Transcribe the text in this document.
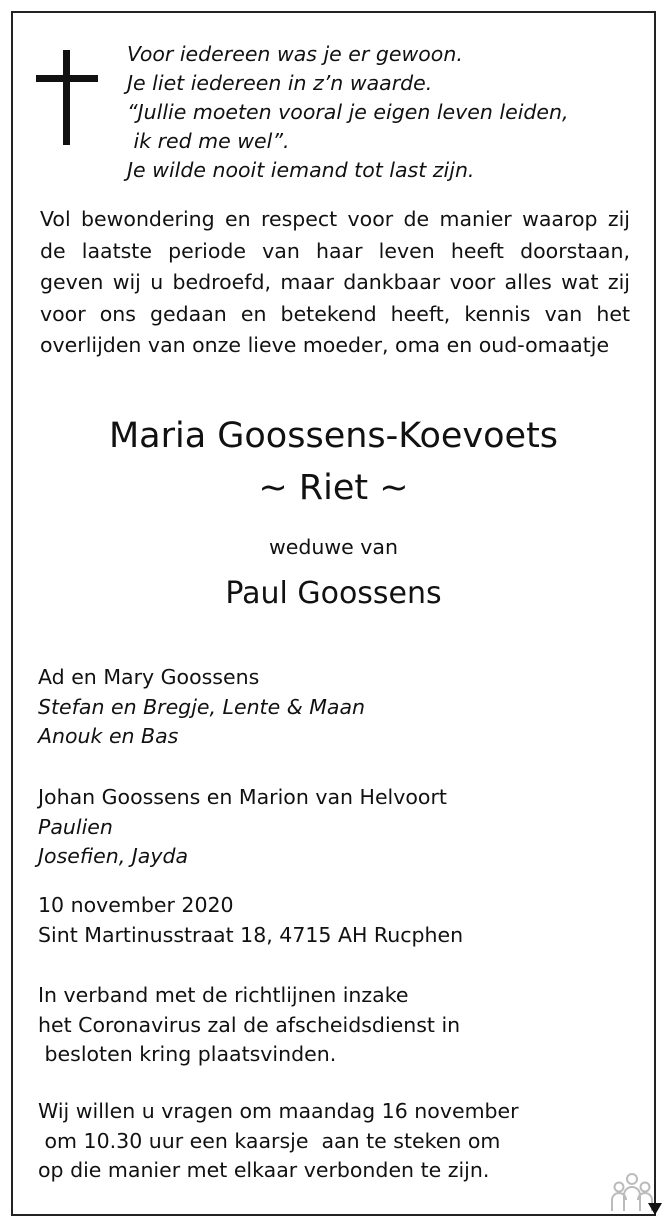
Voor iedereen was je er gewoon.
Je liet iedereen in z’n waarde.
“Jullie moeten vooral je eigen leven leiden,
ik red me wel”.
Je wilde nooit iemand tot last zijn.
Vol bewondering en respect voor de manier waarop zij de laatste periode van haar leven heeft doorstaan, geven wij u bedroefd, maar dankbaar voor alles wat zij voor ons gedaan en betekend heeft, kennis van het overlijden van onze lieve moeder, oma en oud-omaatje
Maria Goossens-Koevoets
~ Riet ~
weduwe van
Paul Goossens
Ad en Mary Goossens
Stefan en Bregje, Lente & Maan
Anouk en Bas
Johan Goossens en Marion van Helvoort
Paulien
Josefien, Jayda
10 november 2020
Sint Martinusstraat 18, 4715 AH Rucphen
In verband met de richtlijnen inzake
het Coronavirus zal de afscheidsdienst in
besloten kring plaatsvinden.
Wij willen u vragen om maandag 16 november
om 10.30 uur een kaarsje  aan te steken om
op die manier met elkaar verbonden te zijn.
